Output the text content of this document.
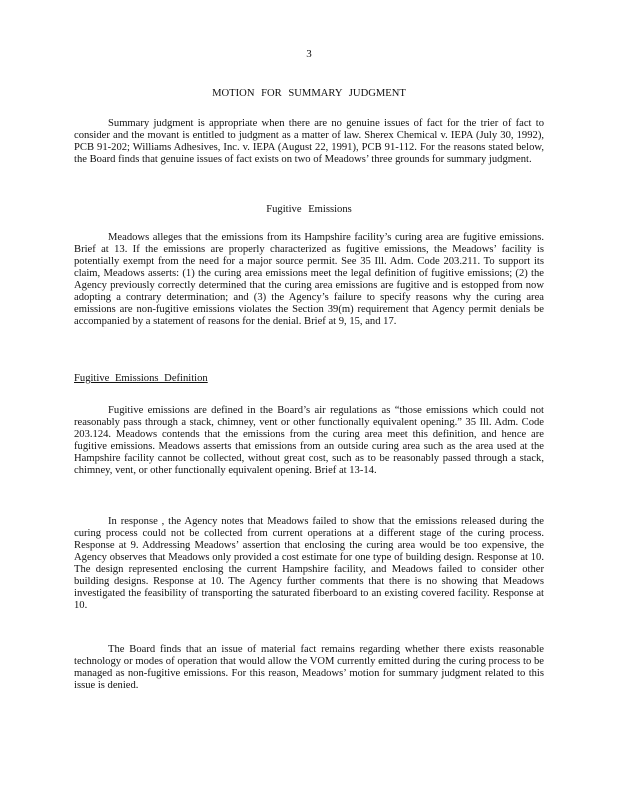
3
MOTION FOR SUMMARY JUDGMENT

Summary judgment is appropriate when there are no genuine issues of fact for the trier of fact to consider and the movant is entitled to judgment as a matter of law. Sherex Chemical v. IEPA (July 30, 1992), PCB 91-202; Williams Adhesives, Inc. v. IEPA (August 22, 1991), PCB 91-112. For the reasons stated below, the Board finds that genuine issues of fact exists on two of Meadows’ three grounds for summary judgment.

Fugitive Emissions

Meadows alleges that the emissions from its Hampshire facility’s curing area are fugitive emissions. Brief at 13. If the emissions are properly characterized as fugitive emissions, the Meadows’ facility is potentially exempt from the need for a major source permit. See 35 Ill. Adm. Code 203.211. To support its claim, Meadows asserts: (1) the curing area emissions meet the legal definition of fugitive emissions; (2) the Agency previously correctly determined that the curing area emissions are fugitive and is estopped from now adopting a contrary determination; and (3) the Agency’s failure to specify reasons why the curing area emissions are non-fugitive emissions violates the Section 39(m) requirement that Agency permit denials be accompanied by a statement of reasons for the denial. Brief at 9, 15, and 17.

Fugitive Emissions Definition

Fugitive emissions are defined in the Board’s air regulations as “those emissions which could not reasonably pass through a stack, chimney, vent or other functionally equivalent opening.” 35 Ill. Adm. Code 203.124. Meadows contends that the emissions from the curing area meet this definition, and hence are fugitive emissions. Meadows asserts that emissions from an outside curing area such as the area used at the Hampshire facility cannot be collected, without great cost, such as to be reasonably passed through a stack, chimney, vent, or other functionally equivalent opening. Brief at 13-14.

In response , the Agency notes that Meadows failed to show that the emissions released during the curing process could not be collected from current operations at a different stage of the curing process. Response at 9. Addressing Meadows’ assertion that enclosing the curing area would be too expensive, the Agency observes that Meadows only provided a cost estimate for one type of building design. Response at 10. The design represented enclosing the current Hampshire facility, and Meadows failed to consider other building designs. Response at 10. The Agency further comments that there is no showing that Meadows investigated the feasibility of transporting the saturated fiberboard to an existing covered facility. Response at 10.

The Board finds that an issue of material fact remains regarding whether there exists reasonable technology or modes of operation that would allow the VOM currently emitted during the curing process to be managed as non-fugitive emissions. For this reason, Meadows’ motion for summary judgment related to this issue is denied.
